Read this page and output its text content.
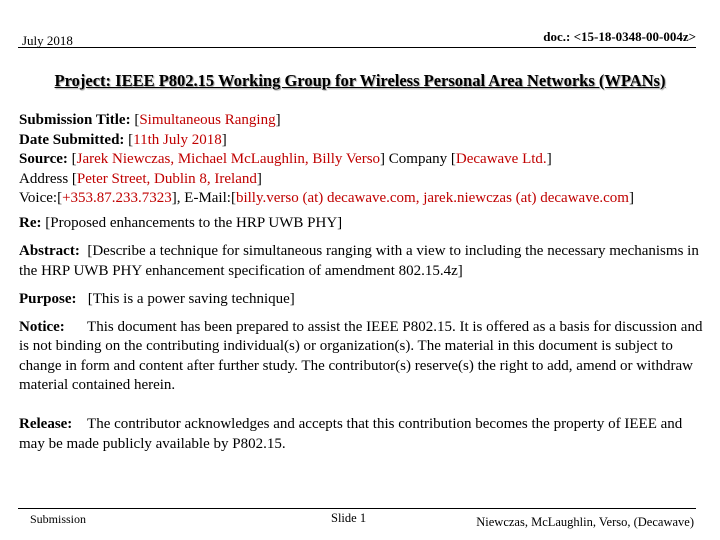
July 2018	doc.: <15-18-0348-00-004z>
Project: IEEE P802.15 Working Group for Wireless Personal Area Networks (WPANs)

Submission Title: [Simultaneous Ranging]

Date Submitted: [11th July 2018]

Source: [Jarek Niewczas, Michael McLaughlin, Billy Verso] Company [Decawave Ltd.]

Address [Peter Street, Dublin 8, Ireland]

Voice:[+353.87.233.7323], E-Mail:[billy.verso (at) decawave.com, jarek.niewczas (at) decawave.com]

Re: [Proposed enhancements to the HRP UWB PHY]

Abstract: [Describe a technique for simultaneous ranging with a view to including the necessary mechanisms in the HRP UWB PHY enhancement specification of amendment 802.15.4z]

Purpose: [This is a power saving technique]

Notice: This document has been prepared to assist the IEEE P802.15. It is offered as a basis for discussion and is not binding on the contributing individual(s) or organization(s). The material in this document is subject to change in form and content after further study. The contributor(s) reserve(s) the right to add, amend or withdraw material contained herein.

Release: The contributor acknowledges and accepts that this contribution becomes the property of IEEE and may be made publicly available by P802.15.

Submission	Slide 1	Niewczas, McLaughlin, Verso, (Decawave)
